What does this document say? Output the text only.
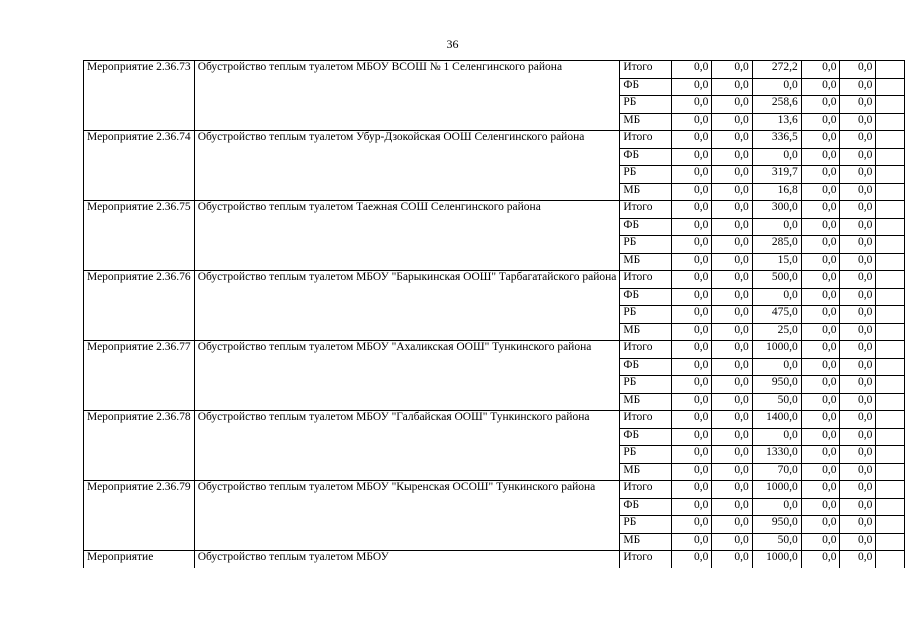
36
Мероприятие 2.36.73	Обустройство теплым туалетом МБОУ ВСОШ № 1 Селенгинского района	Итого	0,0	0,0	272,2	0,0	0,0	
		ФБ	0,0	0,0	0,0	0,0	0,0	
		РБ	0,0	0,0	258,6	0,0	0,0	
		МБ	0,0	0,0	13,6	0,0	0,0	
Мероприятие 2.36.74	Обустройство теплым туалетом Убур-Дзокойская ООШ Селенгинского района	Итого	0,0	0,0	336,5	0,0	0,0	
		ФБ	0,0	0,0	0,0	0,0	0,0	
		РБ	0,0	0,0	319,7	0,0	0,0	
		МБ	0,0	0,0	16,8	0,0	0,0	
Мероприятие 2.36.75	Обустройство теплым туалетом Таежная СОШ Селенгинского района	Итого	0,0	0,0	300,0	0,0	0,0	
		ФБ	0,0	0,0	0,0	0,0	0,0	
		РБ	0,0	0,0	285,0	0,0	0,0	
		МБ	0,0	0,0	15,0	0,0	0,0	
Мероприятие 2.36.76	Обустройство теплым туалетом МБОУ "Барыкинская ООШ" Тарбагатайского района	Итого	0,0	0,0	500,0	0,0	0,0	
		ФБ	0,0	0,0	0,0	0,0	0,0	
		РБ	0,0	0,0	475,0	0,0	0,0	
		МБ	0,0	0,0	25,0	0,0	0,0	
Мероприятие 2.36.77	Обустройство теплым туалетом МБОУ "Ахаликская ООШ" Тункинского района	Итого	0,0	0,0	1000,0	0,0	0,0	
		ФБ	0,0	0,0	0,0	0,0	0,0	
		РБ	0,0	0,0	950,0	0,0	0,0	
		МБ	0,0	0,0	50,0	0,0	0,0	
Мероприятие 2.36.78	Обустройство теплым туалетом МБОУ "Галбайская ООШ" Тункинского района	Итого	0,0	0,0	1400,0	0,0	0,0	
		ФБ	0,0	0,0	0,0	0,0	0,0	
		РБ	0,0	0,0	1330,0	0,0	0,0	
		МБ	0,0	0,0	70,0	0,0	0,0	
Мероприятие 2.36.79	Обустройство теплым туалетом МБОУ "Кыренская ОСОШ" Тункинского района	Итого	0,0	0,0	1000,0	0,0	0,0	
		ФБ	0,0	0,0	0,0	0,0	0,0	
		РБ	0,0	0,0	950,0	0,0	0,0	
		МБ	0,0	0,0	50,0	0,0	0,0	
Мероприятие	Обустройство теплым туалетом МБОУ	Итого	0,0	0,0	1000,0	0,0	0,0	
